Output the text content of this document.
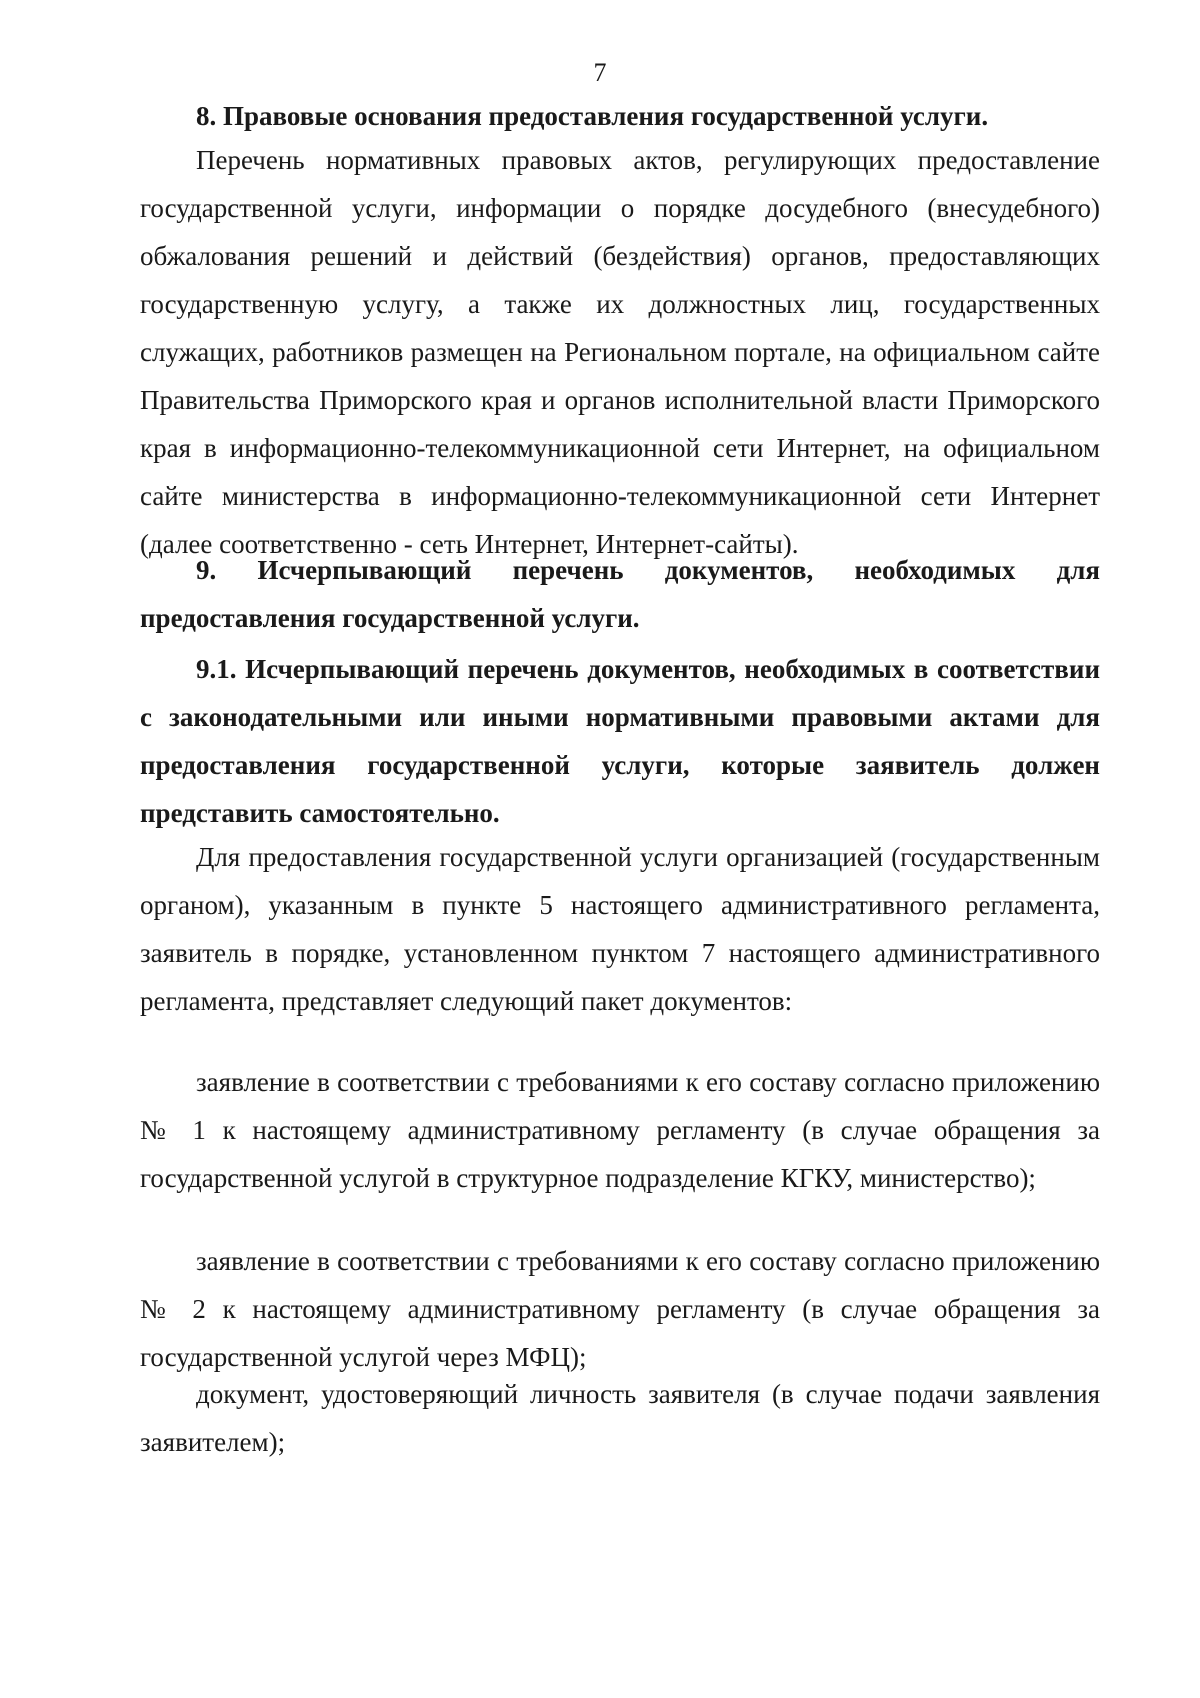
7

8. Правовые основания предоставления государственной услуги.

Перечень нормативных правовых актов, регулирующих предоставление государственной услуги, информации о порядке досудебного (внесудебного) обжалования решений и действий (бездействия) органов, предоставляющих государственную услугу, а также их должностных лиц, государственных служащих, работников размещен на Региональном портале, на официальном сайте Правительства Приморского края и органов исполнительной власти Приморского края в информационно-телекоммуникационной сети Интернет, на официальном сайте министерства в информационно-телекоммуникационной сети Интернет (далее соответственно - сеть Интернет, Интернет-сайты).

9. Исчерпывающий перечень документов, необходимых для предоставления государственной услуги.

9.1. Исчерпывающий перечень документов, необходимых в соответствии с законодательными или иными нормативными правовыми актами для предоставления государственной услуги, которые заявитель должен представить самостоятельно.

Для предоставления государственной услуги организацией (государственным органом), указанным в пункте 5 настоящего административного регламента, заявитель в порядке, установленном пунктом 7 настоящего административного регламента, представляет следующий пакет документов:

заявление в соответствии с требованиями к его составу согласно приложению № 1 к настоящему административному регламенту (в случае обращения за государственной услугой в структурное подразделение КГКУ, министерство);

заявление в соответствии с требованиями к его составу согласно приложению № 2 к настоящему административному регламенту (в случае обращения за государственной услугой через МФЦ);

документ, удостоверяющий личность заявителя (в случае подачи заявления заявителем);
